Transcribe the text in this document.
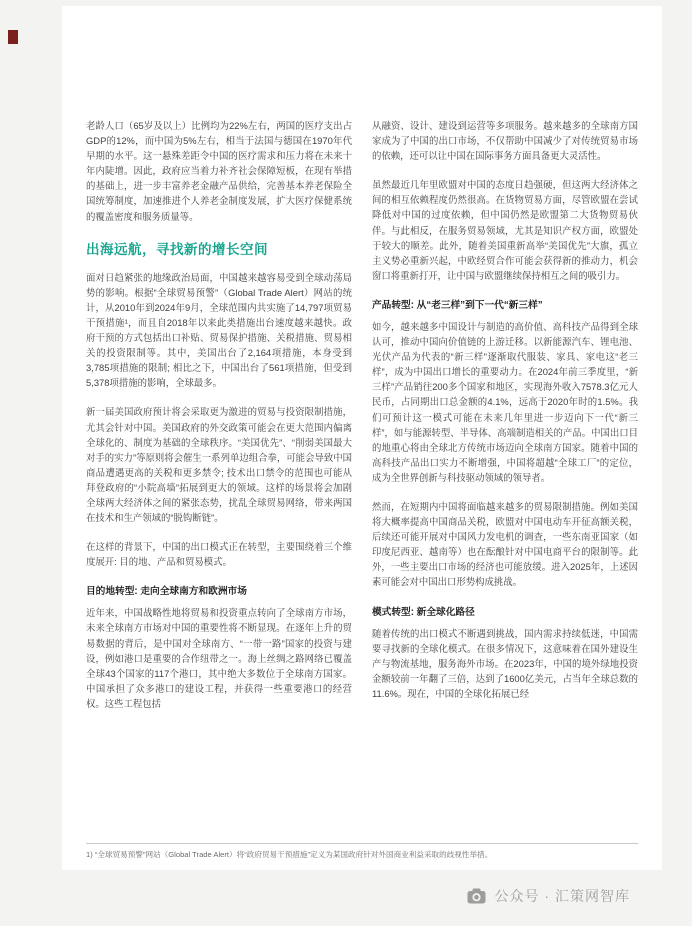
老龄人口（65岁及以上）比例均为22%左右，两国的医疗支出占GDP的12%，而中国为5%左右，相当于法国与德国在1970年代早期的水平。这一悬殊差距令中国的医疗需求和压力将在未来十年内陡增。因此，政府应当着力补齐社会保障短板，在现有举措的基础上，进一步丰富养老金融产品供给，完善基本养老保险全国统筹制度，加速推进个人养老金制度发展，扩大医疗保健系统的覆盖密度和服务质量等。

出海远航，寻找新的增长空间

面对日趋紧张的地缘政治局面，中国越来越容易受到全球动荡局势的影响。根据“全球贸易预警”（Global Trade Alert）网站的统计，从2010年到2024年9月，全球范围内共实施了14,797项贸易干预措施¹，而且自2018年以来此类措施出台速度越来越快。政府干预的方式包括出口补贴、贸易保护措施、关税措施、贸易相关的投资限制等。其中，美国出台了2,164项措施，本身受到3,785项措施的限制; 相比之下，中国出台了561项措施，但受到5,378项措施的影响，全球最多。

新一届美国政府预计将会采取更为激进的贸易与投资限制措施，尤其会针对中国。美国政府的外交政策可能会在更大范围内偏离全球化的、制度为基础的全球秩序。“美国优先”、“削弱美国最大对手的实力”等原则将会催生一系列单边组合拳，可能会导致中国商品遭遇更高的关税和更多禁令; 技术出口禁令的范围也可能从拜登政府的“小院高墙”拓展到更大的领域。这样的场景将会加剧全球两大经济体之间的紧张态势，扰乱全球贸易网络，带来两国在技术和生产领域的“脱钩断链”。

在这样的背景下，中国的出口模式正在转型，主要围绕着三个维度展开: 目的地、产品和贸易模式。

目的地转型: 走向全球南方和欧洲市场

近年来，中国战略性地将贸易和投资重点转向了全球南方市场，未来全球南方市场对中国的重要性将不断显现。在逐年上升的贸易数据的背后，是中国对全球南方、“一带一路”国家的投资与建设，例如港口是重要的合作纽带之一。海上丝绸之路网络已覆盖全球43个国家的117个港口，其中绝大多数位于全球南方国家。中国承担了众多港口的建设工程，并获得一些重要港口的经营权。这些工程包括

从融资、设计、建设到运营等多项服务。越来越多的全球南方国家成为了中国的出口市场，不仅帮助中国减少了对传统贸易市场的依赖，还可以让中国在国际事务方面具备更大灵活性。

虽然最近几年里欧盟对中国的态度日趋强硬，但这两大经济体之间的相互依赖程度仍然很高。在货物贸易方面，尽管欧盟在尝试降低对中国的过度依赖，但中国仍然是欧盟第二大货物贸易伙伴。与此相反，在服务贸易领域，尤其是知识产权方面，欧盟处于较大的顺差。此外，随着美国重新高举“美国优先”大旗，孤立主义势必重新兴起，中欧经贸合作可能会获得新的推动力，机会窗口将重新打开，让中国与欧盟继续保持相互之间的吸引力。

产品转型: 从“老三样”到下一代“新三样”

如今，越来越多中国设计与制造的高价值、高科技产品得到全球认可，推动中国向价值链的上游迁移。以新能源汽车、锂电池、光伏产品为代表的“新三样”逐渐取代服装、家具、家电这“老三样”，成为中国出口增长的重要动力。在2024年前三季度里，“新三样”产品销往200多个国家和地区，实现海外收入7578.3亿元人民币，占同期出口总金额的4.1%，远高于2020年时的1.5%。我们可预计这一模式可能在未来几年里进一步迈向下一代“新三样”，如与能源转型、半导体、高端制造相关的产品。中国出口目的地重心将由全球北方传统市场迈向全球南方国家。随着中国的高科技产品出口实力不断增强，中国将超越“全球工厂”的定位，成为全世界创新与科技驱动领域的领导者。

然而，在短期内中国将面临越来越多的贸易限制措施。例如美国将大概率提高中国商品关税，欧盟对中国电动车开征高额关税，后续还可能开展对中国风力发电机的调查，一些东南亚国家（如印度尼西亚、越南等）也在酝酿针对中国电商平台的限制等。此外，一些主要出口市场的经济也可能放缓。进入2025年，上述因素可能会对中国出口形势构成挑战。

模式转型: 新全球化路径

随着传统的出口模式不断遇到挑战，国内需求持续低迷，中国需要寻找新的全球化模式。在很多情况下，这意味着在国外建设生产与物流基地，服务海外市场。在2023年，中国的境外绿地投资金额较前一年翻了三倍，达到了1600亿美元，占当年全球总数的11.6%。现在，中国的全球化拓展已经

1) “全球贸易预警”网站（Global Trade Alert）将“政府贸易干预措施”定义为某国政府针对外国商业利益采取的歧视性举措。
公众号 · 汇策网智库
